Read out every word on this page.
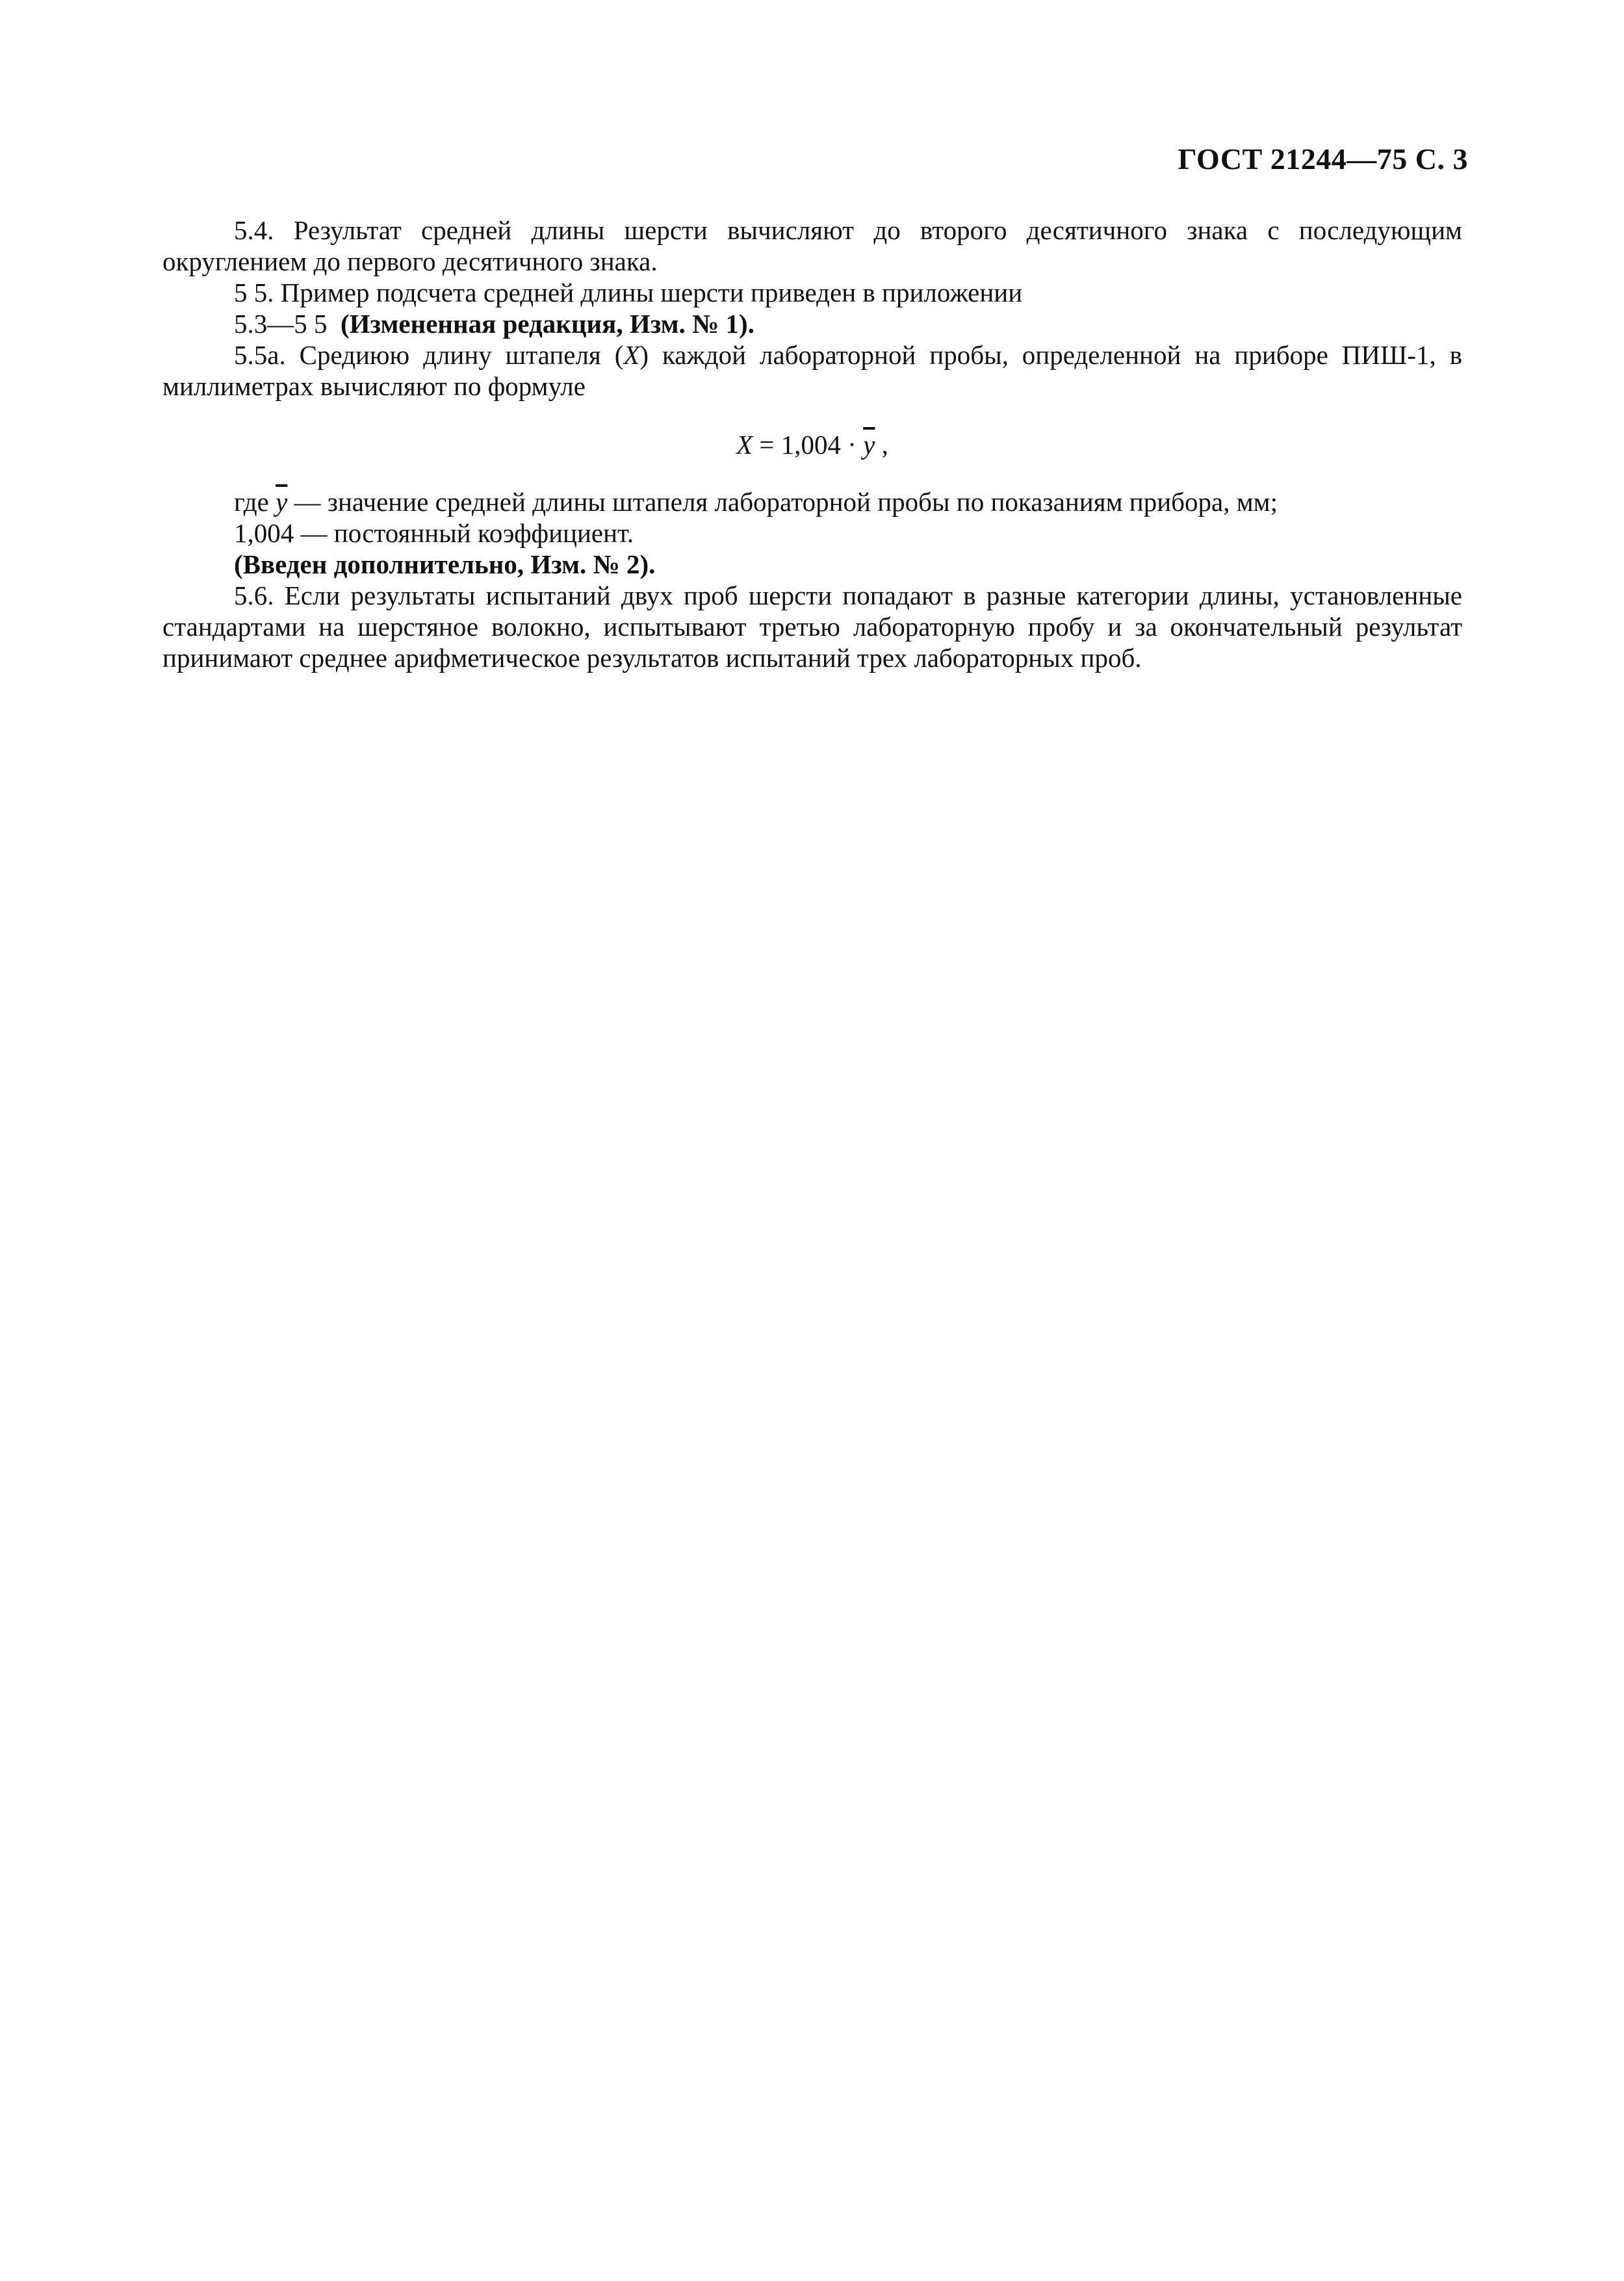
ГОСТ 21244—75 С. 3

5.4. Результат средней длины шерсти вычисляют до второго десятичного знака с последующим округлением до первого десятичного знака.

5 5. Пример подсчета средней длины шерсти приведен в приложении

5.3—5 5 (Измененная редакция, Изм. № 1).

5.5а. Средиюю длину штапеля (X) каждой лабораторной пробы, определенной на приборе ПИШ-1, в миллиметрах вычисляют по формуле

$X = 1,004 \cdot \overline{y}$ ,

где $\overline{y}$ — значение средней длины штапеля лабораторной пробы по показаниям прибора, мм;

1,004 — постоянный коэффициент.

(Введен дополнительно, Изм. № 2).

5.6. Если результаты испытаний двух проб шерсти попадают в разные категории длины, установленные стандартами на шерстяное волокно, испытывают третью лабораторную пробу и за окончательный результат принимают среднее арифметическое результатов испытаний трех лабораторных проб.
